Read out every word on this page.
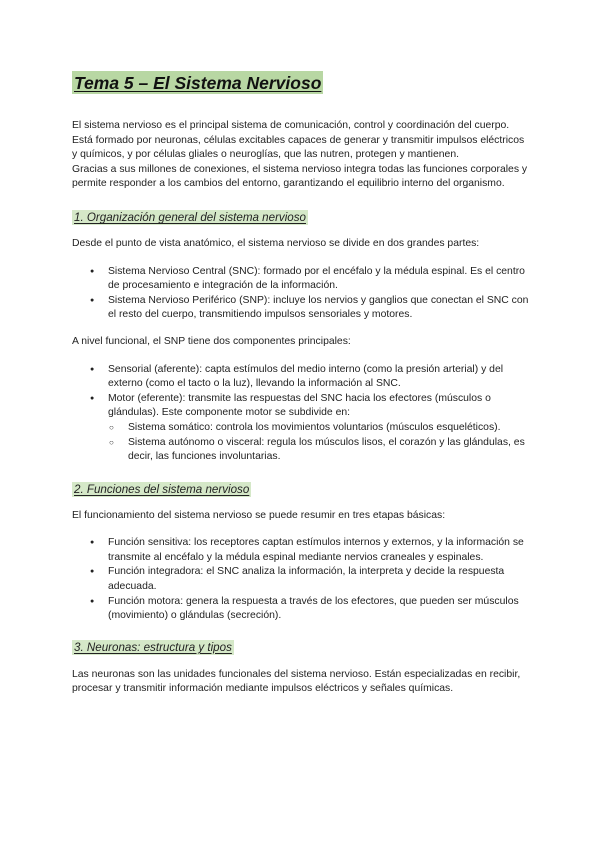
Tema 5 – El Sistema Nervioso

El sistema nervioso es el principal sistema de comunicación, control y coordinación del cuerpo. Está formado por neuronas, células excitables capaces de generar y transmitir impulsos eléctricos y químicos, y por células gliales o neuroglías, que las nutren, protegen y mantienen.

Gracias a sus millones de conexiones, el sistema nervioso integra todas las funciones corporales y permite responder a los cambios del entorno, garantizando el equilibrio interno del organismo.

1. Organización general del sistema nervioso

Desde el punto de vista anatómico, el sistema nervioso se divide en dos grandes partes:

● Sistema Nervioso Central (SNC): formado por el encéfalo y la médula espinal. Es el centro de procesamiento e integración de la información.
● Sistema Nervioso Periférico (SNP): incluye los nervios y ganglios que conectan el SNC con el resto del cuerpo, transmitiendo impulsos sensoriales y motores.

A nivel funcional, el SNP tiene dos componentes principales:

● Sensorial (aferente): capta estímulos del medio interno (como la presión arterial) y del externo (como el tacto o la luz), llevando la información al SNC.
● Motor (eferente): transmite las respuestas del SNC hacia los efectores (músculos o glándulas). Este componente motor se subdivide en:
○ Sistema somático: controla los movimientos voluntarios (músculos esqueléticos).
○ Sistema autónomo o visceral: regula los músculos lisos, el corazón y las glándulas, es decir, las funciones involuntarias.
2. Funciones del sistema nervioso

El funcionamiento del sistema nervioso se puede resumir en tres etapas básicas:

● Función sensitiva: los receptores captan estímulos internos y externos, y la información se transmite al encéfalo y la médula espinal mediante nervios craneales y espinales.
● Función integradora: el SNC analiza la información, la interpreta y decide la respuesta adecuada.
● Función motora: genera la respuesta a través de los efectores, que pueden ser músculos (movimiento) o glándulas (secreción).
3. Neuronas: estructura y tipos

Las neuronas son las unidades funcionales del sistema nervioso. Están especializadas en recibir, procesar y transmitir información mediante impulsos eléctricos y señales químicas.
